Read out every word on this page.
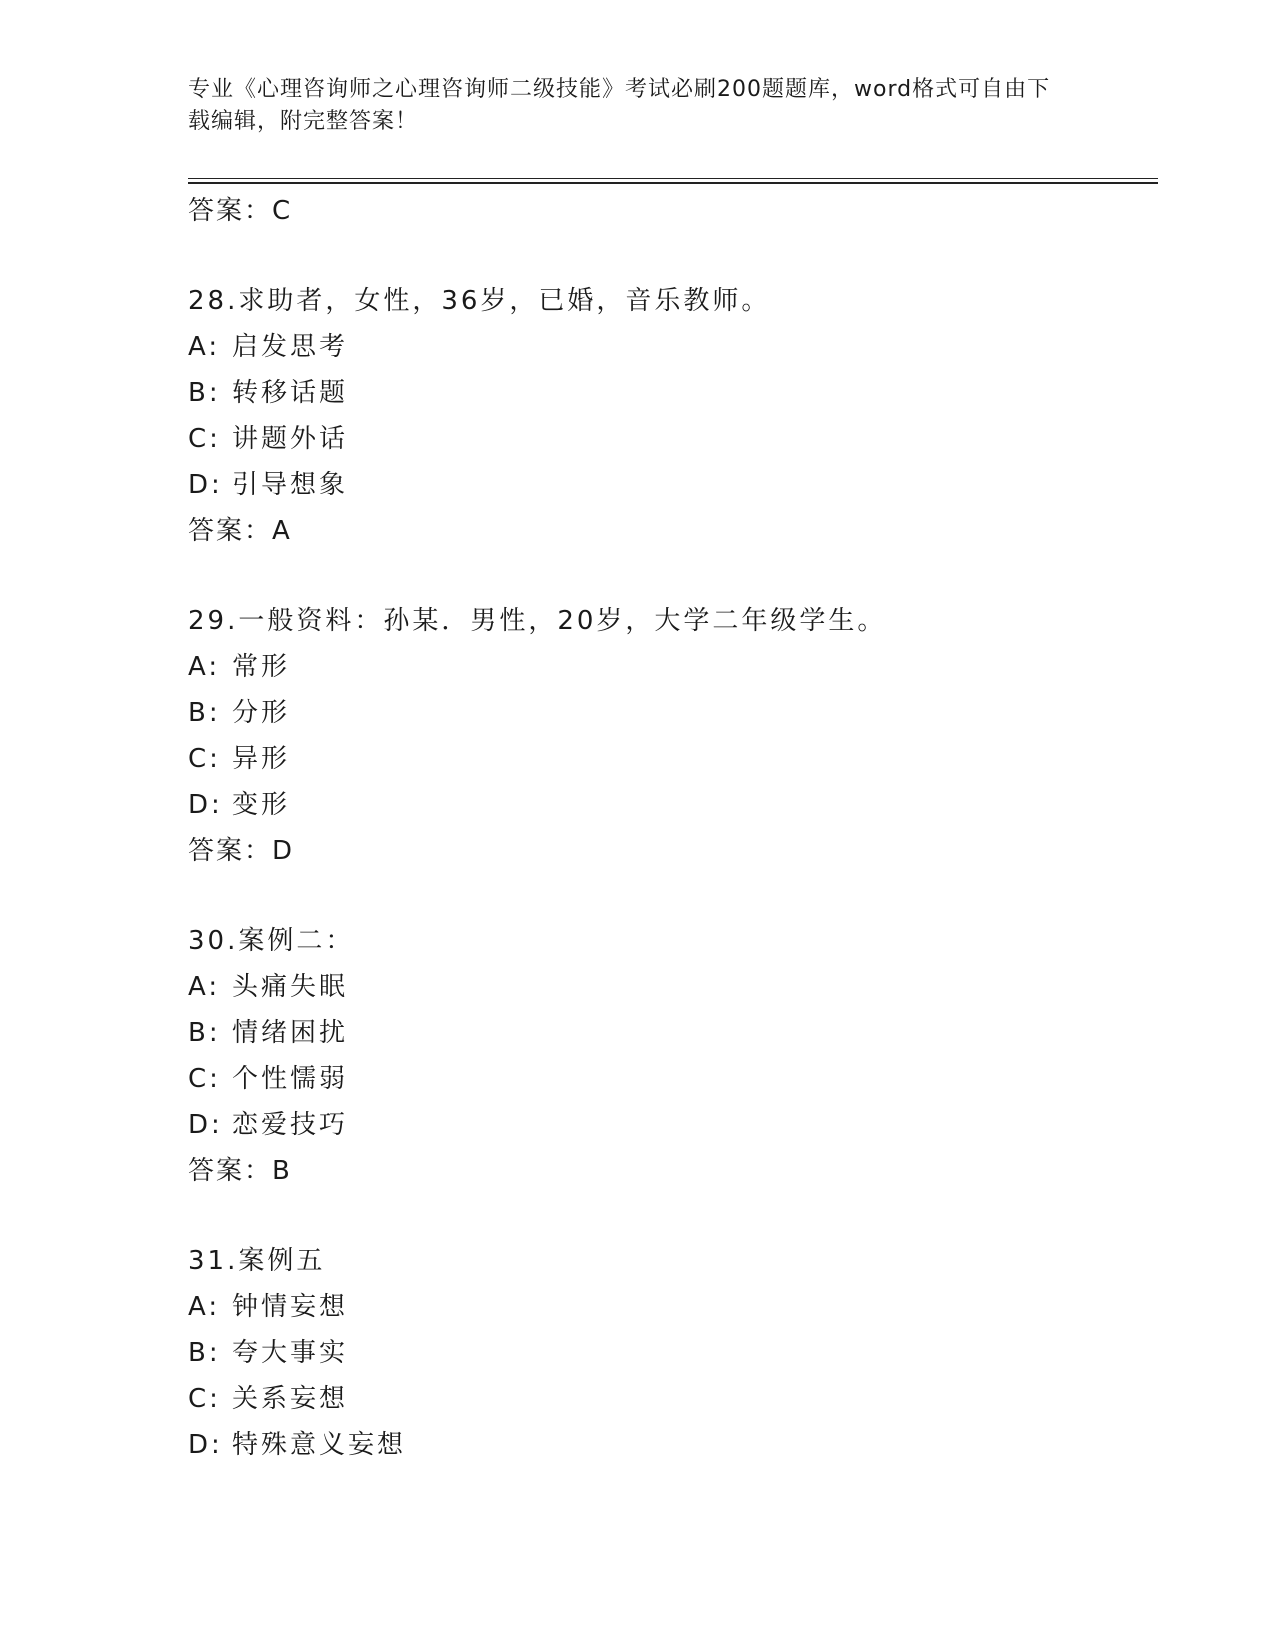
专业《心理咨询师之心理咨询师二级技能》考试必刷200题题库，word格式可自由下载编辑，附完整答案！
答案：C
28.求助者，女性，36岁，已婚，音乐教师。
A: 启发思考
B: 转移话题
C: 讲题外话
D: 引导想象
答案：A
29.一般资料：孙某．男性，20岁，大学二年级学生。
A: 常形
B: 分形
C: 异形
D: 变形
答案：D
30.案例二：
A: 头痛失眠
B: 情绪困扰
C: 个性懦弱
D: 恋爱技巧
答案：B
31.案例五
A: 钟情妄想
B: 夸大事实
C: 关系妄想
D: 特殊意义妄想
